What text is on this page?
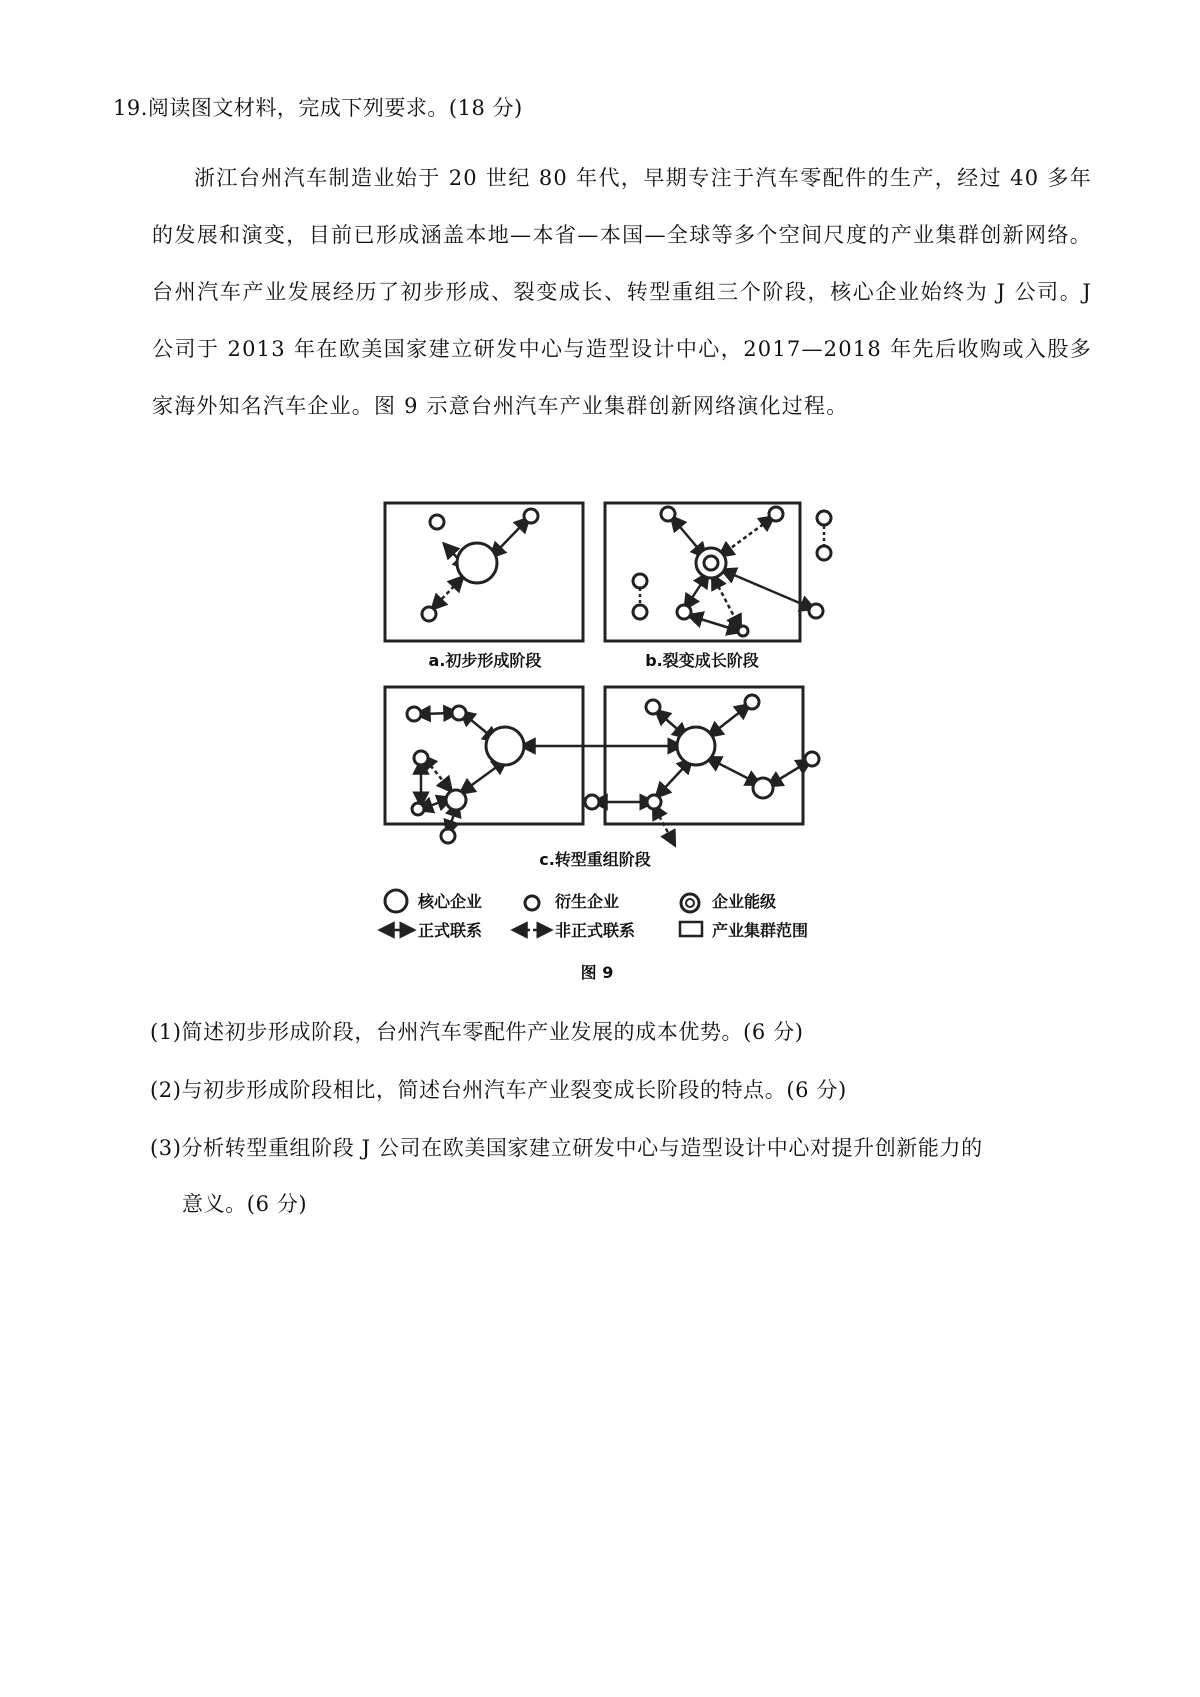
19.阅读图文材料，完成下列要求。(18 分)
浙江台州汽车制造业始于 20 世纪 80 年代，早期专注于汽车零配件的生产，经过 40 多年的发展和演变，目前已形成涵盖本地—本省—本国—全球等多个空间尺度的产业集群创新网络。台州汽车产业发展经历了初步形成、裂变成长、转型重组三个阶段，核心企业始终为 J 公司。J 公司于 2013 年在欧美国家建立研发中心与造型设计中心，2017—2018 年先后收购或入股多家海外知名汽车企业。图 9 示意台州汽车产业集群创新网络演化过程。
a.初步形成阶段	b.裂变成长阶段
c.转型重组阶段
核心企业	衍生企业	企业能级
正式联系	非正式联系	产业集群范围
图 9
(1)简述初步形成阶段，台州汽车零配件产业发展的成本优势。(6 分)
(2)与初步形成阶段相比，简述台州汽车产业裂变成长阶段的特点。(6 分)
(3)分析转型重组阶段 J 公司在欧美国家建立研发中心与造型设计中心对提升创新能力的
意义。(6 分)
